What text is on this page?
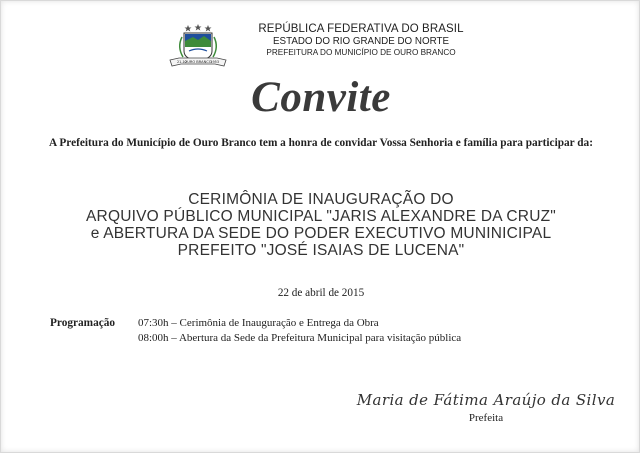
21-12
OURO BRANCO
1953
REPÚBLICA FEDERATIVA DO BRASIL
ESTADO DO RIO GRANDE DO NORTE
PREFEITURA DO MUNICÍPIO DE OURO BRANCO
Convite
A Prefeitura do Município de Ouro Branco tem a honra de convidar Vossa Senhoria e família para participar da:
CERIMÔNIA DE INAUGURAÇÃO DO
ARQUIVO PÚBLICO MUNICIPAL "JARIS ALEXANDRE DA CRUZ"
e ABERTURA DA SEDE DO PODER EXECUTIVO MUNINICIPAL
PREFEITO "JOSÉ ISAIAS DE LUCENA"
22 de abril de 2015
Programação 07:30h – Cerimônia de Inauguração e Entrega da Obra
08:00h – Abertura da Sede da Prefeitura Municipal para visitação pública
Maria de Fátima Araújo da Silva
Prefeita
